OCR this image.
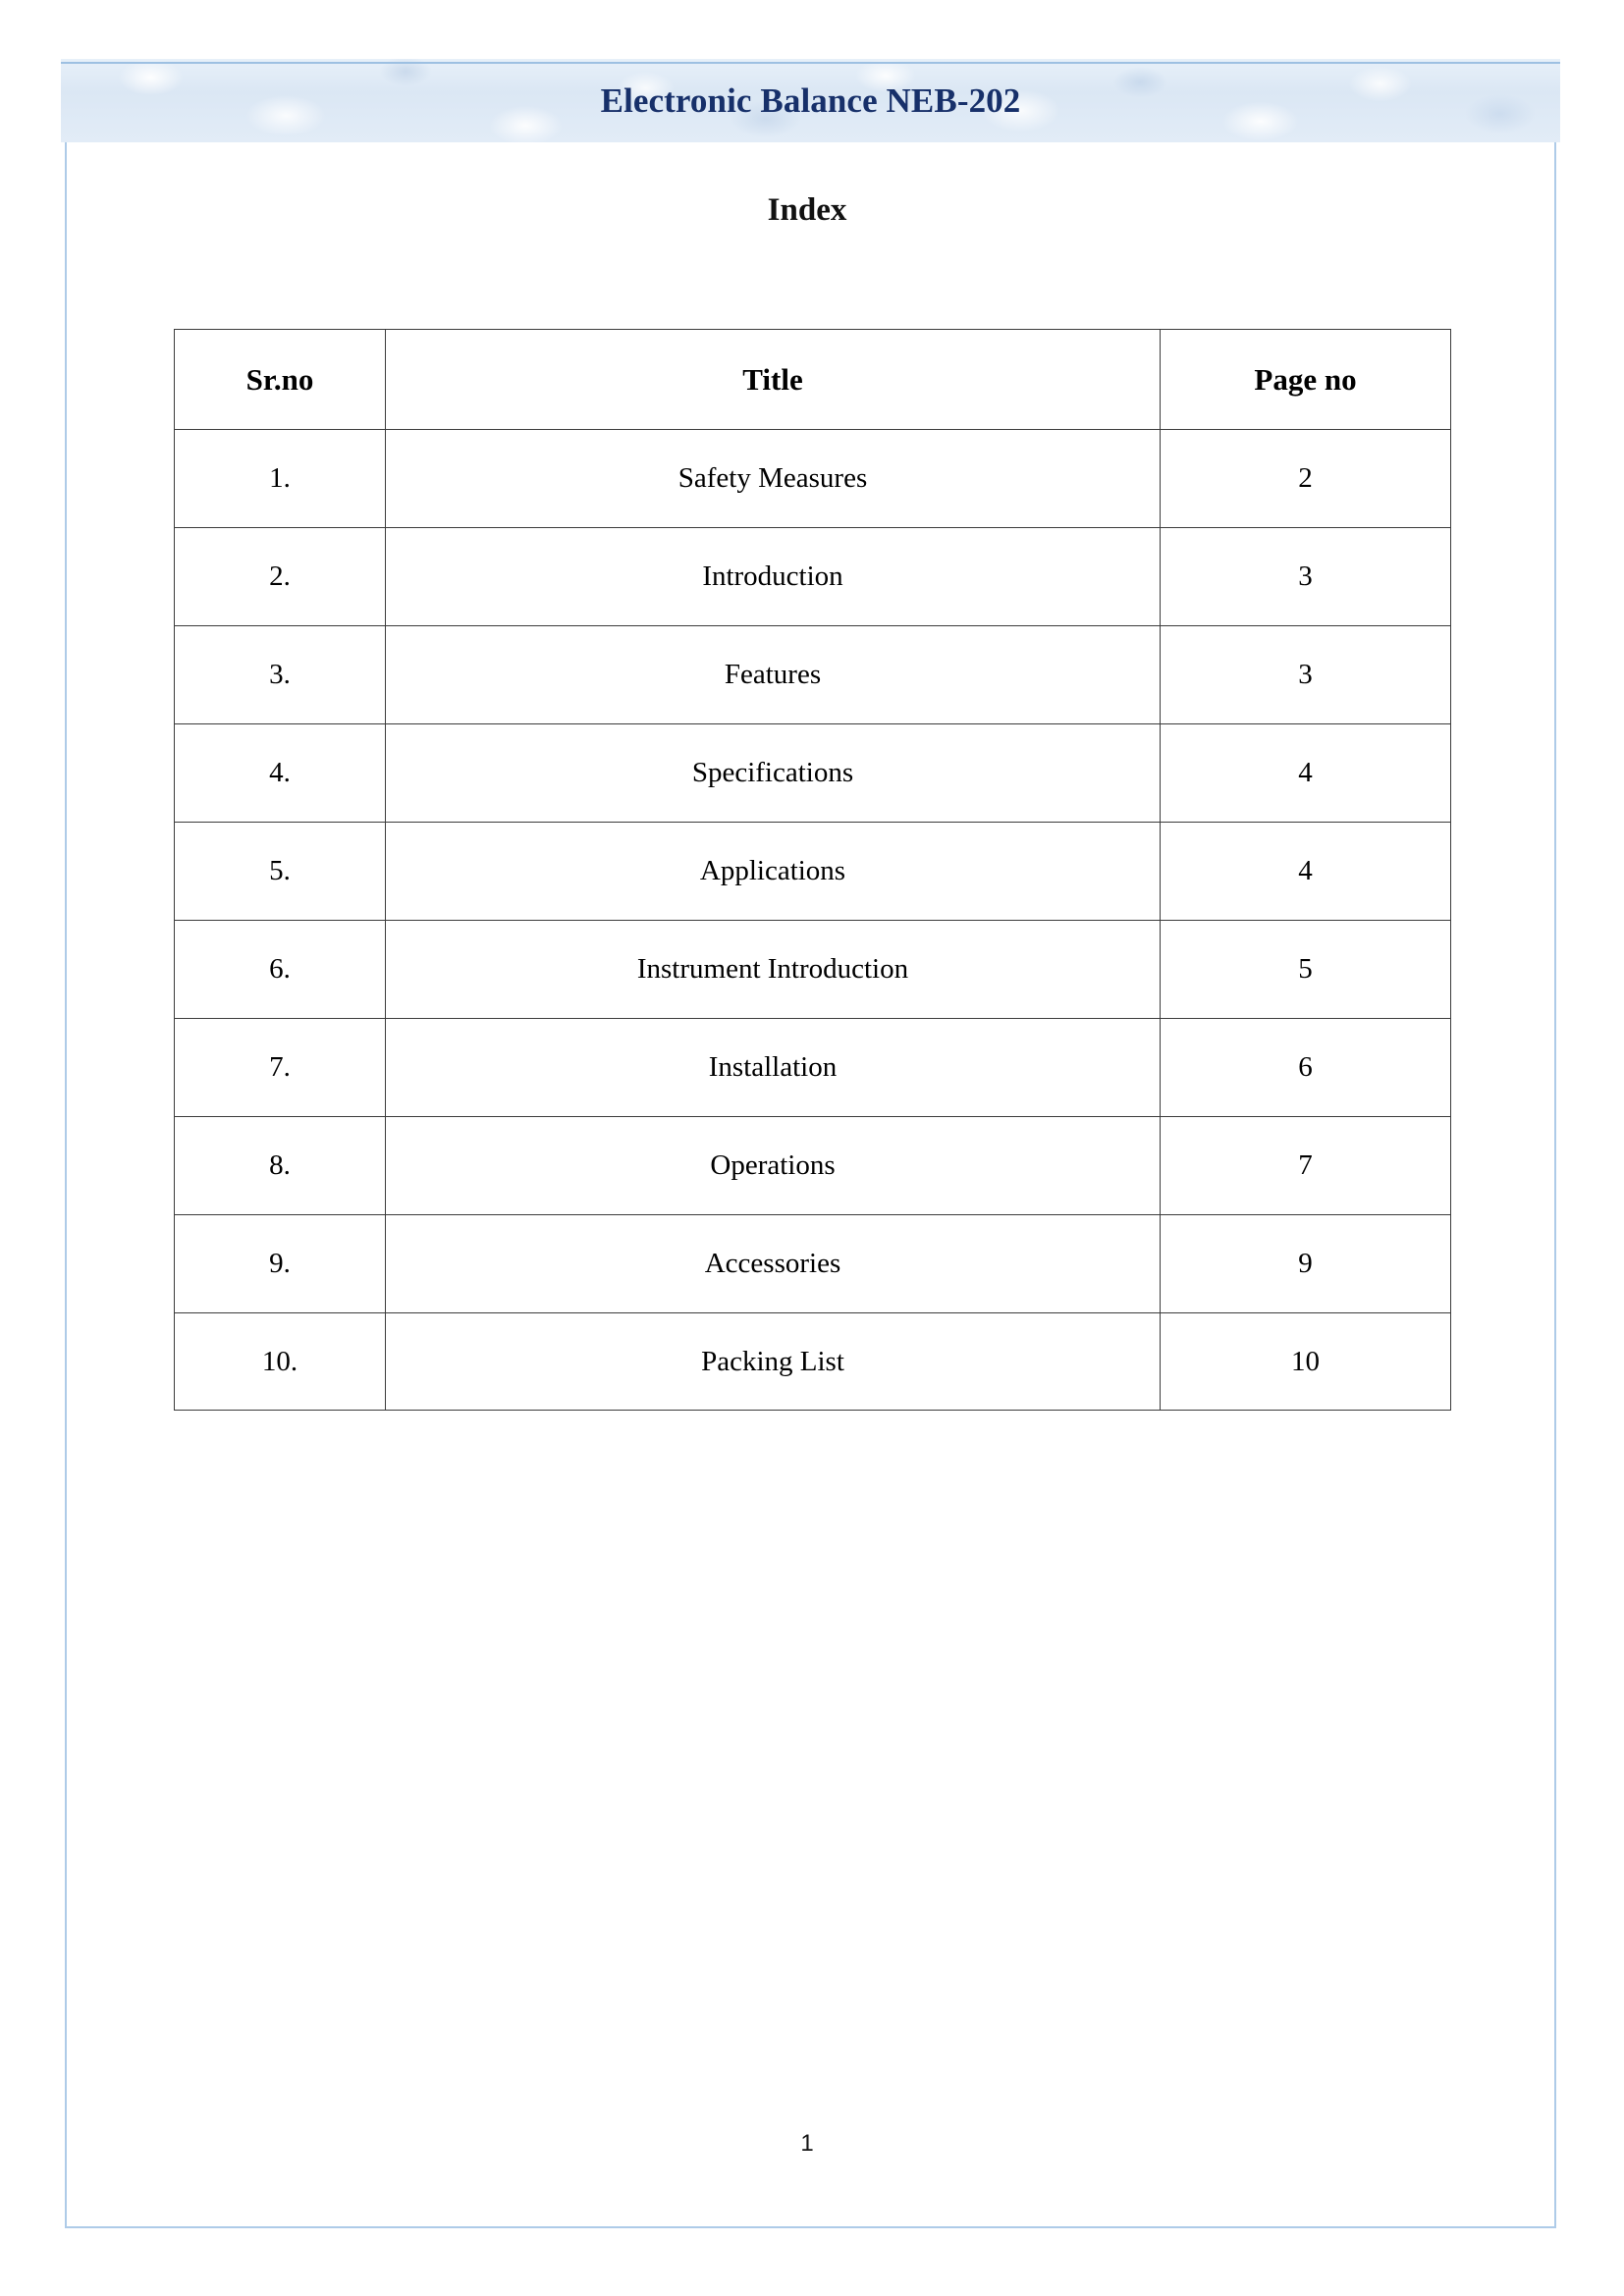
Electronic Balance NEB-202
Index
Sr.no	Title	Page no
1.	Safety Measures	2
2.	Introduction	3
3.	Features	3
4.	Specifications	4
5.	Applications	4
6.	Instrument Introduction	5
7.	Installation	6
8.	Operations	7
9.	Accessories	9
10.	Packing List	10
1
